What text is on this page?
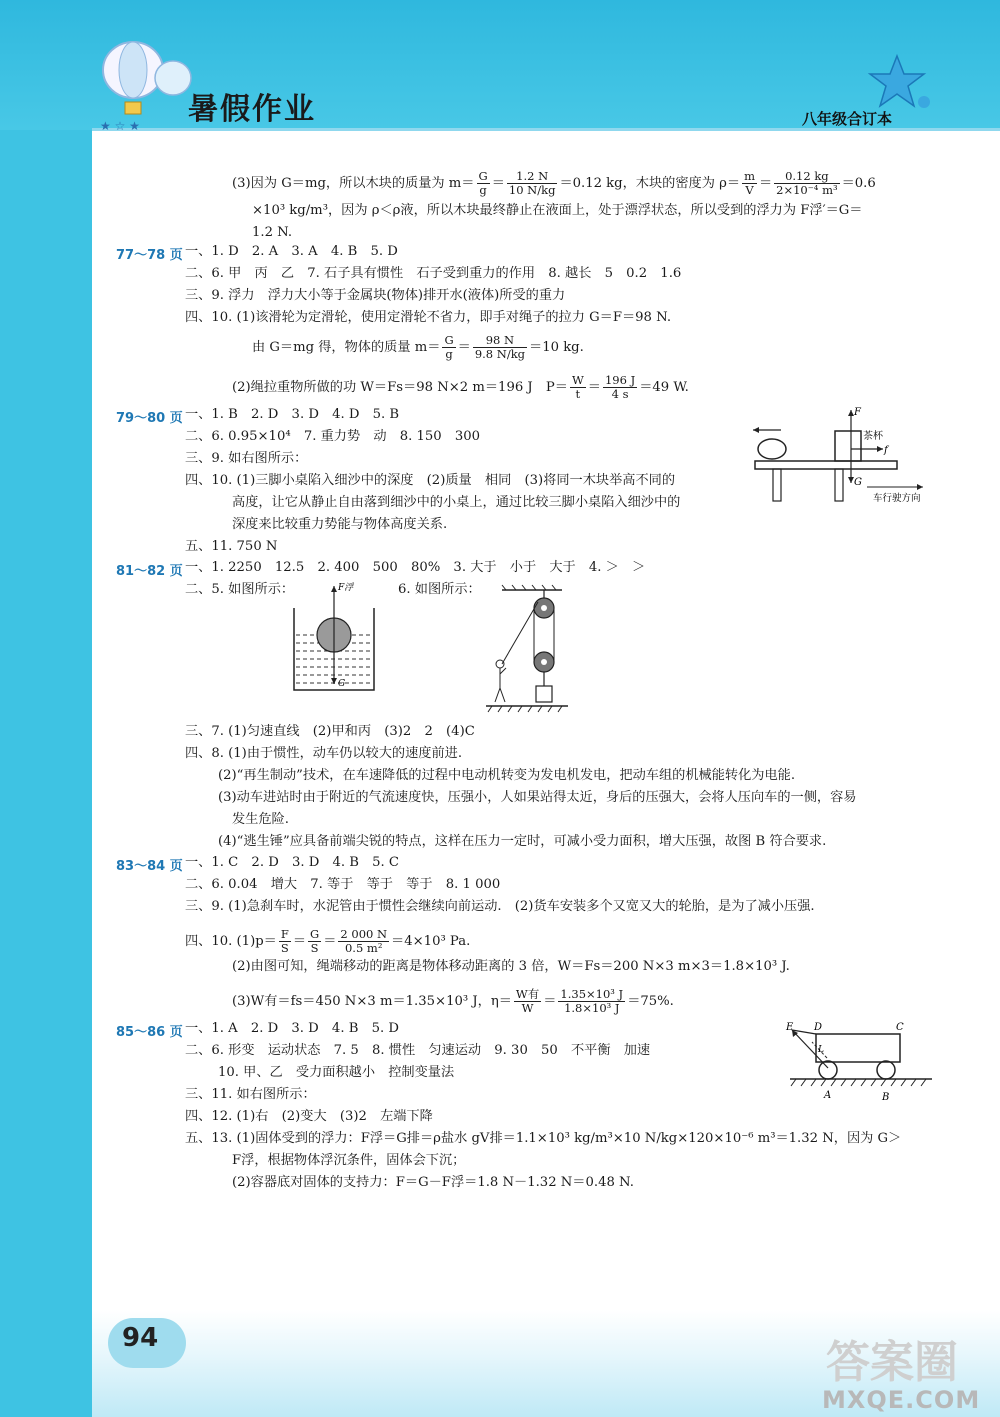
★ ☆ ★ 暑假作业	八年级合订本
(3)因为 G＝mg，所以木块的质量为 $m= \frac{G}{g} = \frac{1.2 N}{10 N/kg} =0.12$ kg，木块的密度为 $\rho= \frac{m}{V} = \frac{0.12 kg}{\text{2×10⁻⁴ m³}} =0.6$
×10³ kg/m³，因为 ρ＜ρ液，所以木块最终静止在液面上，处于漂浮状态，所以受到的浮力为 F浮′＝G＝
1.2 N.
77～78 页 一、1. D　2. A　3. A　4. B　5. D
二、6. 甲　丙　乙　7. 石子具有惯性　石子受到重力的作用　8. 越长　5　0.2　1.6
三、9. 浮力　浮力大小等于金属块(物体)排开水(液体)所受的重力
四、10. (1)该滑轮为定滑轮，使用定滑轮不省力，即手对绳子的拉力 G＝F＝98 N.
由 G＝mg 得，物体的质量 $m= \frac{G}{g} = \frac{98 N}{9.8 N/kg} =10$ kg.
(2)绳拉重物所做的功 W＝Fs＝98 N×2 m＝196 J　$P= \frac{W}{t} = \frac{196 J}{4 s} =49$ W.
79～80 页 一、1. B　2. D　3. D　4. D　5. B
二、6. 0.95×10⁴　7. 重力势　动　8. 150　300
三、9. 如右图所示：
四、10. (1)三脚小桌陷入细沙中的深度　(2)质量　相同　(3)将同一木块举高不同的
高度，让它从静止自由落到细沙中的小桌上，通过比较三脚小桌陷入细沙中的
深度来比较重力势能与物体高度关系.
五、11. 750 N
F
茶杯
f
G
车行驶方向
81～82 页 一、1. 2250　12.5　2. 400　500　80%　3. 大于　小于　大于　4. ＞　＞
二、5. 如图所示：	6. 如图所示：
F浮
G
三、7. (1)匀速直线　(2)甲和丙　(3)2　2　(4)C
四、8. (1)由于惯性，动车仍以较大的速度前进.
(2)“再生制动”技术，在车速降低的过程中电动机转变为发电机发电，把动车组的机械能转化为电能.
(3)动车进站时由于附近的气流速度快，压强小，人如果站得太近，身后的压强大，会将人压向车的一侧，容易
发生危险.
(4)“逃生锤”应具备前端尖锐的特点，这样在压力一定时，可减小受力面积，增大压强，故图 B 符合要求.
83～84 页 一、1. C　2. D　3. D　4. B　5. C
二、6. 0.04　增大　7. 等于　等于　等于　8. 1 000
三、9. (1)急刹车时，水泥管由于惯性会继续向前运动.　(2)货车安装多个又宽又大的轮胎，是为了减小压强.
四、10. $(1)p= \frac{F}{S} = \frac{G}{S} = \frac{2 000 N}{\text{0.5 m²}} =4\times 10^3$ Pa.
(2)由图可知，绳端移动的距离是物体移动距离的 3 倍，W＝Fs＝200 N×3 m×3＝1.8×10³ J.
(3)W有＝fs＝450 N×3 m＝1.35×10³ J，$\eta= \frac{\text{W有}}{W} = \frac{\text{1.35×10³ J}}{\text{1.8×10³ J}} =75\%$.
85～86 页 一、1. A　2. D　3. D　4. B　5. D
二、6. 形变　运动状态　7. 5　8. 惯性　匀速运动　9. 30　50　不平衡　加速
10. 甲、乙　受力面积越小　控制变量法
三、11. 如右图所示：
四、12. (1)右　(2)变大　(3)2　左端下降
五、13. (1)固体受到的浮力：F浮＝G排＝ρ盐水 gV排＝1.1×10³ kg/m³×10 N/kg×120×10⁻⁶ m³＝1.32 N，因为 G＞
F浮，根据物体浮沉条件，固体会下沉；
(2)容器底对固体的支持力：F＝G－F浮＝1.8 N－1.32 N＝0.48 N.
E D	C
L
A	B
94	答案圈
MXQE.COM
